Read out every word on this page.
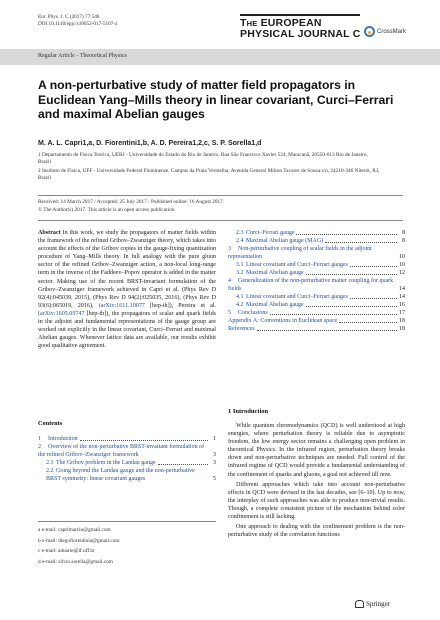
Eur. Phys. J. C (2017) 77:546
DOI 10.1140/epjc/s10052-017-5107-z	THE EUROPEAN
PHYSICAL JOURNAL C	CrossMark
Regular Article - Theoretical Physics
A non-perturbative study of matter field propagators in Euclidean Yang–Mills theory in linear covariant, Curci–Ferrari and maximal Abelian gauges
M. A. L. Capri1,a, D. Fiorentini1,b, A. D. Pereira1,2,c, S. P. Sorella1,d
1 Departamento de Física Teórica, UERJ - Universidade do Estado do Rio de Janeiro, Rua São Francisco Xavier 524, Maracanã, 20550-013 Rio de Janeiro, Brazil
2 Instituto de Física, UFF - Universidade Federal Fluminense, Campus da Praia Vermelha, Avenida General Milton Tavares de Souza s/n, 24210-346 Niterói, RJ, Brazil
Received: 14 March 2017 / Accepted: 25 July 2017 / Published online: 16 August 2017
© The Author(s) 2017. This article is an open access publication
Abstract In this work, we study the propagators of matter fields within the framework of the refined Gribov–Zwanziger theory, which takes into account the effects of the Gribov copies in the gauge-fixing quantization procedure of Yang–Mills theory. In full analogy with the pure gluon sector of the refined Gribov–Zwanziger action, a non-local long-range term in the inverse of the Faddeev–Popov operator is added in the matter sector. Making use of the recent BRST-invariant formulation of the Gribov–Zwanziger framework achieved in Capri et al. (Phys Rev D 92(4):045039, 2015), (Phys Rev D 94(2):025035, 2016), (Phys Rev D 93(6):065019, 2016), (arXiv:1611.10077 [hep-th]), Pereira et al. (arXiv:1605.09747 [hep-th]), the propagators of scalar and quark fields in the adjoint and fundamental representations of the gauge group are worked out explicitly in the linear covariant, Curci–Ferrari and maximal Abelian gauges. Whenever lattice data are available, our results exhibit good qualitative agreement.
Contents
1 Introduction	1
2 Overview of the non-perturbative BRST-invariant formulation of the refined Gribov–Zwanziger framework	3
2.1 The Gribov problem in the Landau gauge	3
2.2 Going beyond the Landau gauge and the non-perturbative BRST symmetry: linear covariant gauges	5
2.3 Curci–Ferrari gauge	8
2.4 Maximal Abelian gauge (MAG)	8
3 Non-perturbative coupling of scalar fields in the adjoint representation	10
3.1 Linear covariant and Curci–Ferrari gauges	10
3.2 Maximal Abelian gauge	12
4 Generalization of the non-perturbative matter coupling for quark fields	14
4.1 Linear covariant and Curci–Ferrari gauges	14
4.2 Maximal Abelian gauge	16
5 Conclusions	17
Appendix A: Conventions in Euclidean space	18
References	18
a e-mail: caprimarcio@gmail.com
b e-mail: diegofiorentinia@gmail.com
c e-mail: aduarte@if.uff.br
d e-mail: silvio.sorella@gmail.com
1 Introduction

While quantum chromodynamics (QCD) is well understood at high energies, where perturbation theory is reliable due to asymptotic freedom, the low energy sector remains a challenging open problem in theoretical Physics. In the infrared region, perturbation theory breaks down and non-perturbative techniques are needed. Full control of the infrared regime of QCD would provide a fundamental understanding of the confinement of quarks and gluons, a goal not achieved till now.

Different approaches which take into account non-perturbative effects in QCD were devised in the last decades, see [6–10]. Up to now, the interplay of such approaches was able to produce non-trivial results. Though, a complete consistent picture of the mechanism behind color confinement is still lacking.

One approach to dealing with the confinement problem is the non-perturbative study of the correlation functions

Springer
